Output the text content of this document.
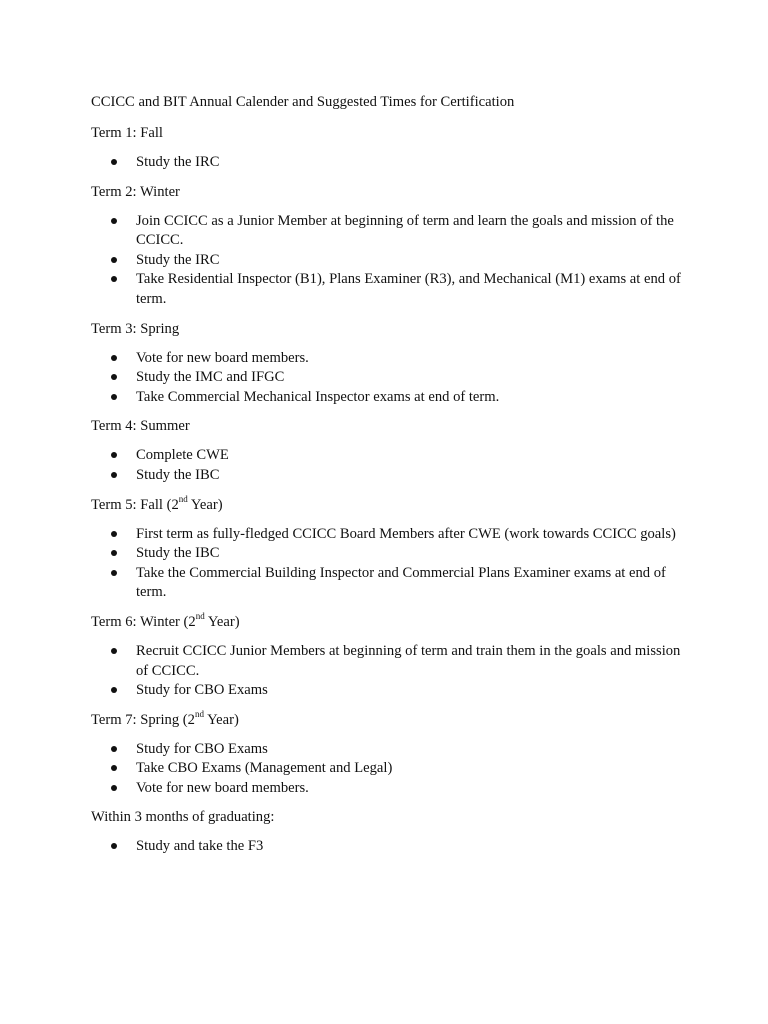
CCICC and BIT Annual Calender and Suggested Times for Certification

Term 1: Fall

Study the IRC

Term 2: Winter

Join CCICC as a Junior Member at beginning of term and learn the goals and mission of the CCICC.
Study the IRC
Take Residential Inspector (B1), Plans Examiner (R3), and Mechanical (M1) exams at end of term.

Term 3: Spring

Vote for new board members.
Study the IMC and IFGC
Take Commercial Mechanical Inspector exams at end of term.

Term 4: Summer

Complete CWE
Study the IBC

Term 5: Fall (2nd Year)

First term as fully-fledged CCICC Board Members after CWE (work towards CCICC goals)
Study the IBC
Take the Commercial Building Inspector and Commercial Plans Examiner exams at end of term.

Term 6: Winter (2nd Year)

Recruit CCICC Junior Members at beginning of term and train them in the goals and mission of CCICC.
Study for CBO Exams

Term 7: Spring (2nd Year)

Study for CBO Exams
Take CBO Exams (Management and Legal)
Vote for new board members.

Within 3 months of graduating:

Study and take the F3
